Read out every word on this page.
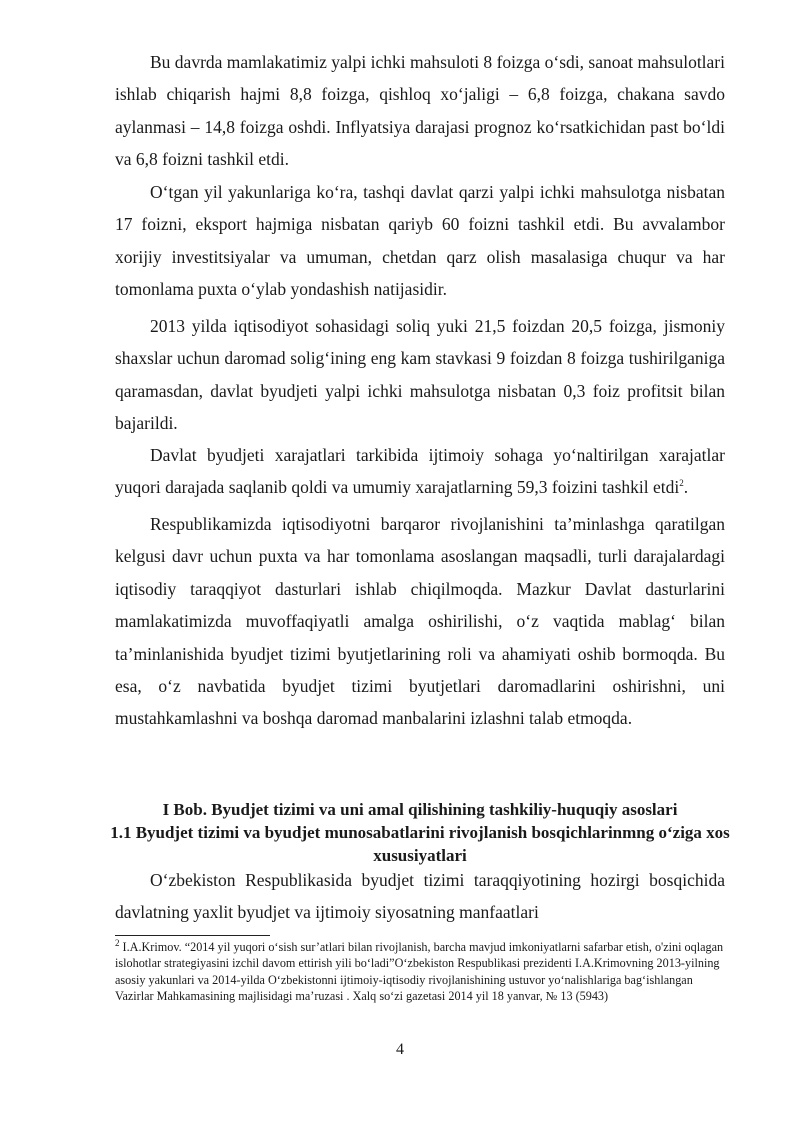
Bu davrda mamlakatimiz yalpi ichki mahsuloti 8 foizga o‘sdi, sanoat mahsulotlari ishlab chiqarish hajmi 8,8 foizga, qishloq xo‘jaligi – 6,8 foizga, chakana savdo aylanmasi – 14,8 foizga oshdi. Inflyatsiya darajasi prognoz ko‘rsatkichidan past bo‘ldi va 6,8 foizni tashkil etdi.

O‘tgan yil yakunlariga ko‘ra, tashqi davlat qarzi yalpi ichki mahsulotga nisbatan 17 foizni, eksport hajmiga nisbatan qariyb 60 foizni tashkil etdi. Bu avvalambor xorijiy investitsiyalar va umuman, chetdan qarz olish masalasiga chuqur va har tomonlama puxta o‘ylab yondashish natijasidir.

2013 yilda iqtisodiyot sohasidagi soliq yuki 21,5 foizdan 20,5 foizga, jismoniy shaxslar uchun daromad solig‘ining eng kam stavkasi 9 foizdan 8 foizga tushirilganiga qaramasdan, davlat byudjeti yalpi ichki mahsulotga nisbatan 0,3 foiz profitsit bilan bajarildi.

Davlat byudjeti xarajatlari tarkibida ijtimoiy sohaga yo‘naltirilgan xarajatlar yuqori darajada saqlanib qoldi va umumiy xarajatlarning 59,3 foizini tashkil etdi$^2$.

Respublikamizda iqtisodiyotni barqaror rivojlanishini ta’minlashga qaratilgan kelgusi davr uchun puxta va har tomonlama asoslangan maqsadli, turli darajalardagi iqtisodiy taraqqiyot dasturlari ishlab chiqilmoqda. Mazkur Davlat dasturlarini mamlakatimizda muvoffaqiyatli amalga oshirilishi, o‘z vaqtida mablag‘ bilan ta’minlanishida byudjet tizimi byutjetlarining roli va ahamiyati oshib bormoqda. Bu esa, o‘z navbatida byudjet tizimi byutjetlari daromadlarini oshirishni, uni mustahkamlashni va boshqa daromad manbalarini izlashni talab etmoqda.

I Bob. Byudjet tizimi va uni amal qilishining tashkiliy-huquqiy asoslari
1.1 Byudjet tizimi va byudjet munosabatlarini rivojlanish bosqichlarinmng o‘ziga xos xususiyatlari

O‘zbekiston Respublikasida byudjet tizimi taraqqiyotining hozirgi bosqichida davlatning yaxlit byudjet va ijtimoiy siyosatning manfaatlari

$^2$ I.A.Krimov. “2014 yil yuqori o‘sish sur’atlari bilan rivojlanish, barcha mavjud imkoniyatlarni safarbar etish, o'zini oqlagan islohotlar strategiyasini izchil davom ettirish yili bo‘ladi”O‘zbekiston Respublikasi prezidenti I.A.Krimovning 2013-yilning asosiy yakunlari va 2014-yilda O‘zbekistonni ijtimoiy-iqtisodiy rivojlanishining ustuvor yo‘nalishlariga bag‘ishlangan Vazirlar Mahkamasining majlisidagi ma’ruzasi . Xalq so‘zi gazetasi 2014 yil 18 yanvar, № 13 (5943)

4
